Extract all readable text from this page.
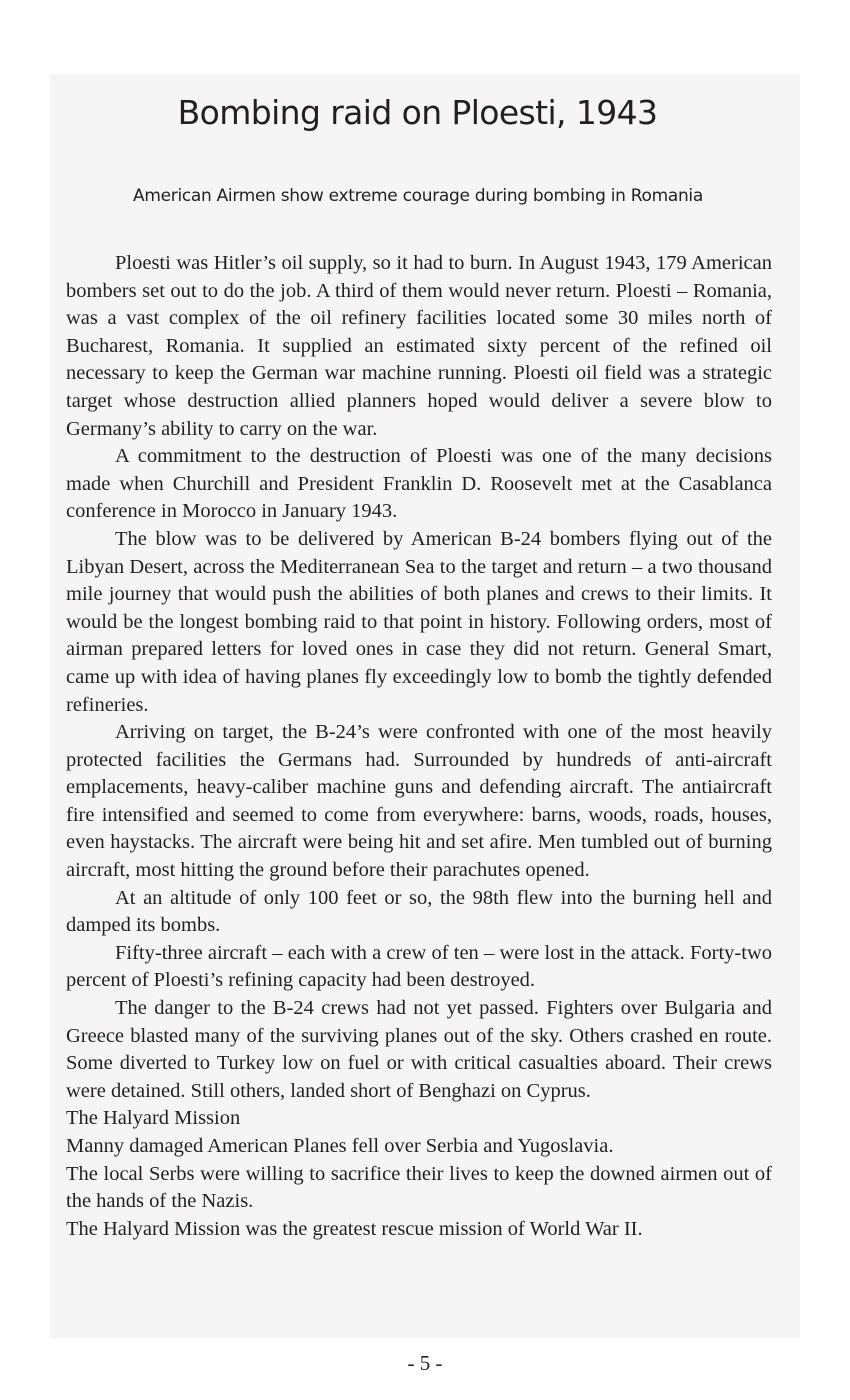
Bombing raid on Ploesti, 1943

American Airmen show extreme courage during bombing in Romania

Ploesti was Hitler’s oil supply, so it had to burn. In August 1943, 179 American bombers set out to do the job. A third of them would never return. Ploesti – Romania, was a vast complex of the oil refinery facilities located some 30 miles north of Bucharest, Romania. It supplied an estimated sixty percent of the refined oil necessary to keep the German war machine running. Ploesti oil field was a strategic target whose destruction allied planners hoped would deliver a severe blow to Germany’s ability to carry on the war.

A commitment to the destruction of Ploesti was one of the many decisions made when Churchill and President Franklin D. Roosevelt met at the Casablanca conference in Morocco in January 1943.

The blow was to be delivered by American B-24 bombers flying out of the Libyan Desert, across the Mediterranean Sea to the target and return – a two thousand mile journey that would push the abilities of both planes and crews to their limits. It would be the longest bombing raid to that point in history. Following orders, most of airman prepared letters for loved ones in case they did not return. General Smart, came up with idea of having planes fly exceedingly low to bomb the tightly defended refineries.

Arriving on target, the B-24’s were confronted with one of the most heavily protected facilities the Germans had. Surrounded by hundreds of anti-aircraft emplacements, heavy-caliber machine guns and defending aircraft. The antiaircraft fire intensified and seemed to come from everywhere: barns, woods, roads, houses, even haystacks. The aircraft were being hit and set afire. Men tumbled out of burning aircraft, most hitting the ground before their parachutes opened.

At an altitude of only 100 feet or so, the 98th flew into the burning hell and damped its bombs.

Fifty-three aircraft – each with a crew of ten – were lost in the attack. Forty-two percent of Ploesti’s refining capacity had been destroyed.

The danger to the B-24 crews had not yet passed. Fighters over Bulgaria and Greece blasted many of the surviving planes out of the sky. Others crashed en route. Some diverted to Turkey low on fuel or with critical casualties aboard. Their crews were detained. Still others, landed short of Benghazi on Cyprus.

The Halyard Mission

Manny damaged American Planes fell over Serbia and Yugoslavia.

The local Serbs were willing to sacrifice their lives to keep the downed airmen out of the hands of the Nazis.

The Halyard Mission was the greatest rescue mission of World War II.

- 5 -
